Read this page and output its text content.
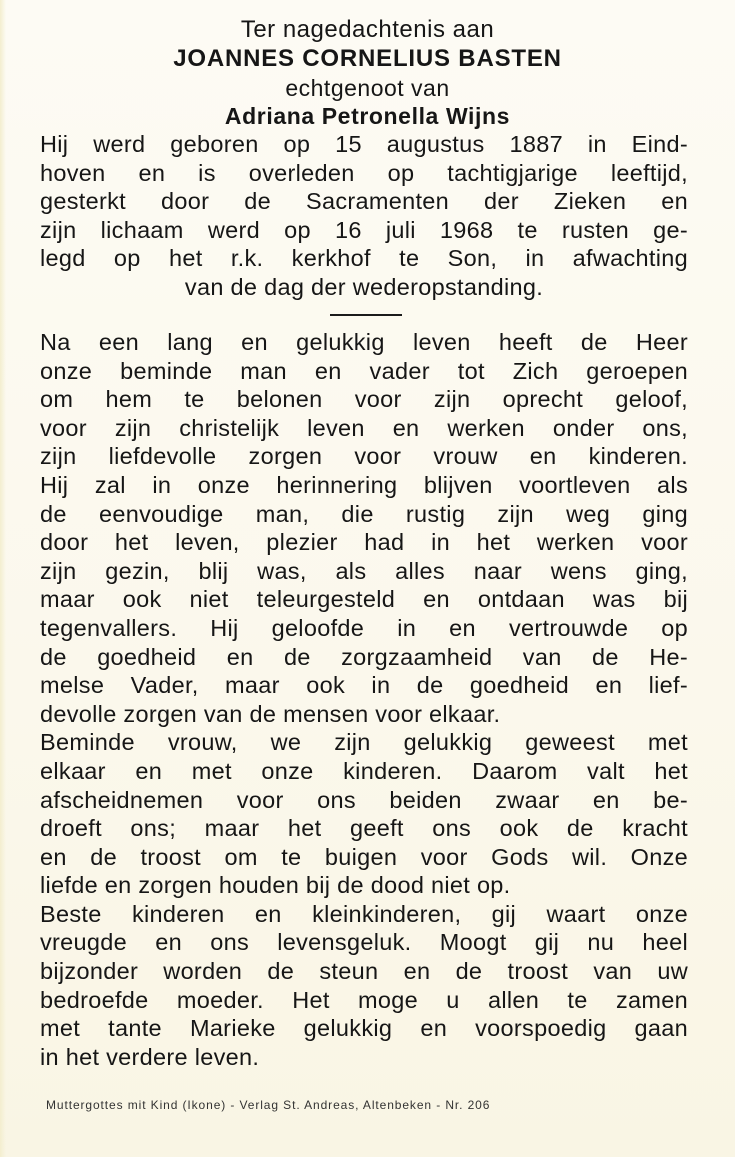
Ter nagedachtenis aan
JOANNES CORNELIUS BASTEN
echtgenoot van
Adriana Petronella Wijns
Hij werd geboren op 15 augustus 1887 in Eind-
hoven en is overleden op tachtigjarige leeftijd,
gesterkt door de Sacramenten der Zieken en
zijn lichaam werd op 16 juli 1968 te rusten ge-
legd op het r.k. kerkhof te Son, in afwachting
van de dag der wederopstanding.
Na een lang en gelukkig leven heeft de Heer
onze beminde man en vader tot Zich geroepen
om hem te belonen voor zijn oprecht geloof,
voor zijn christelijk leven en werken onder ons,
zijn liefdevolle zorgen voor vrouw en kinderen.
Hij zal in onze herinnering blijven voortleven als
de eenvoudige man, die rustig zijn weg ging
door het leven, plezier had in het werken voor
zijn gezin, blij was, als alles naar wens ging,
maar ook niet teleurgesteld en ontdaan was bij
tegenvallers. Hij geloofde in en vertrouwde op
de goedheid en de zorgzaamheid van de He-
melse Vader, maar ook in de goedheid en lief-
devolle zorgen van de mensen voor elkaar.
Beminde vrouw, we zijn gelukkig geweest met
elkaar en met onze kinderen. Daarom valt het
afscheidnemen voor ons beiden zwaar en be-
droeft ons; maar het geeft ons ook de kracht
en de troost om te buigen voor Gods wil. Onze
liefde en zorgen houden bij de dood niet op.
Beste kinderen en kleinkinderen, gij waart onze
vreugde en ons levensgeluk. Moogt gij nu heel
bijzonder worden de steun en de troost van uw
bedroefde moeder. Het moge u allen te zamen
met tante Marieke gelukkig en voorspoedig gaan
in het verdere leven.
Muttergottes mit Kind (Ikone) - Verlag St. Andreas, Altenbeken - Nr. 206
